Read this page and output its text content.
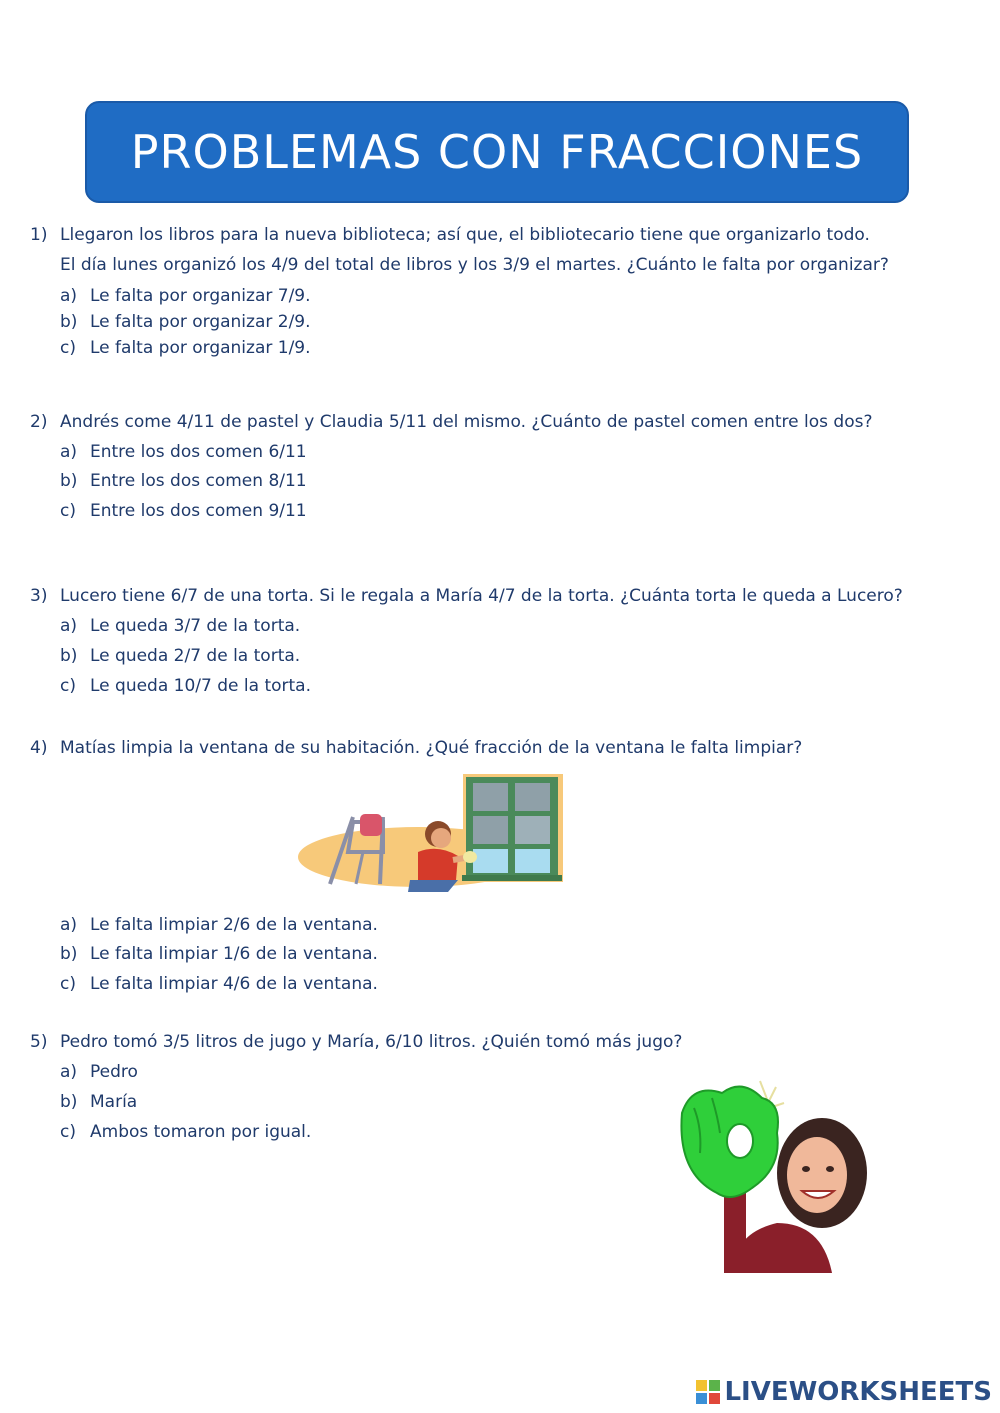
PROBLEMAS CON FRACCIONES
1) Llegaron los libros para la nueva biblioteca; así que, el bibliotecario tiene que organizarlo todo.
El día lunes organizó los 4/9 del total de libros y los 3/9 el martes. ¿Cuánto le falta por organizar?
a) Le falta por organizar 7/9.
b) Le falta por organizar 2/9.
c) Le falta por organizar 1/9.
2) Andrés come 4/11 de pastel y Claudia 5/11 del mismo. ¿Cuánto de pastel comen entre los dos?
a) Entre los dos comen 6/11
b) Entre los dos comen 8/11
c) Entre los dos comen 9/11
3) Lucero tiene 6/7 de una torta. Si le regala a María 4/7 de la torta. ¿Cuánta torta le queda a Lucero?
a) Le queda 3/7 de la torta.
b) Le queda 2/7 de la torta.
c) Le queda 10/7 de la torta.
4) Matías limpia la ventana de su habitación. ¿Qué fracción de la ventana le falta limpiar?
a) Le falta limpiar 2/6 de la ventana.
b) Le falta limpiar 1/6 de la ventana.
c) Le falta limpiar 4/6 de la ventana.
5) Pedro tomó 3/5 litros de jugo y María, 6/10 litros. ¿Quién tomó más jugo?
a) Pedro
b) María
c) Ambos tomaron por igual.
LIVEWORKSHEETS
